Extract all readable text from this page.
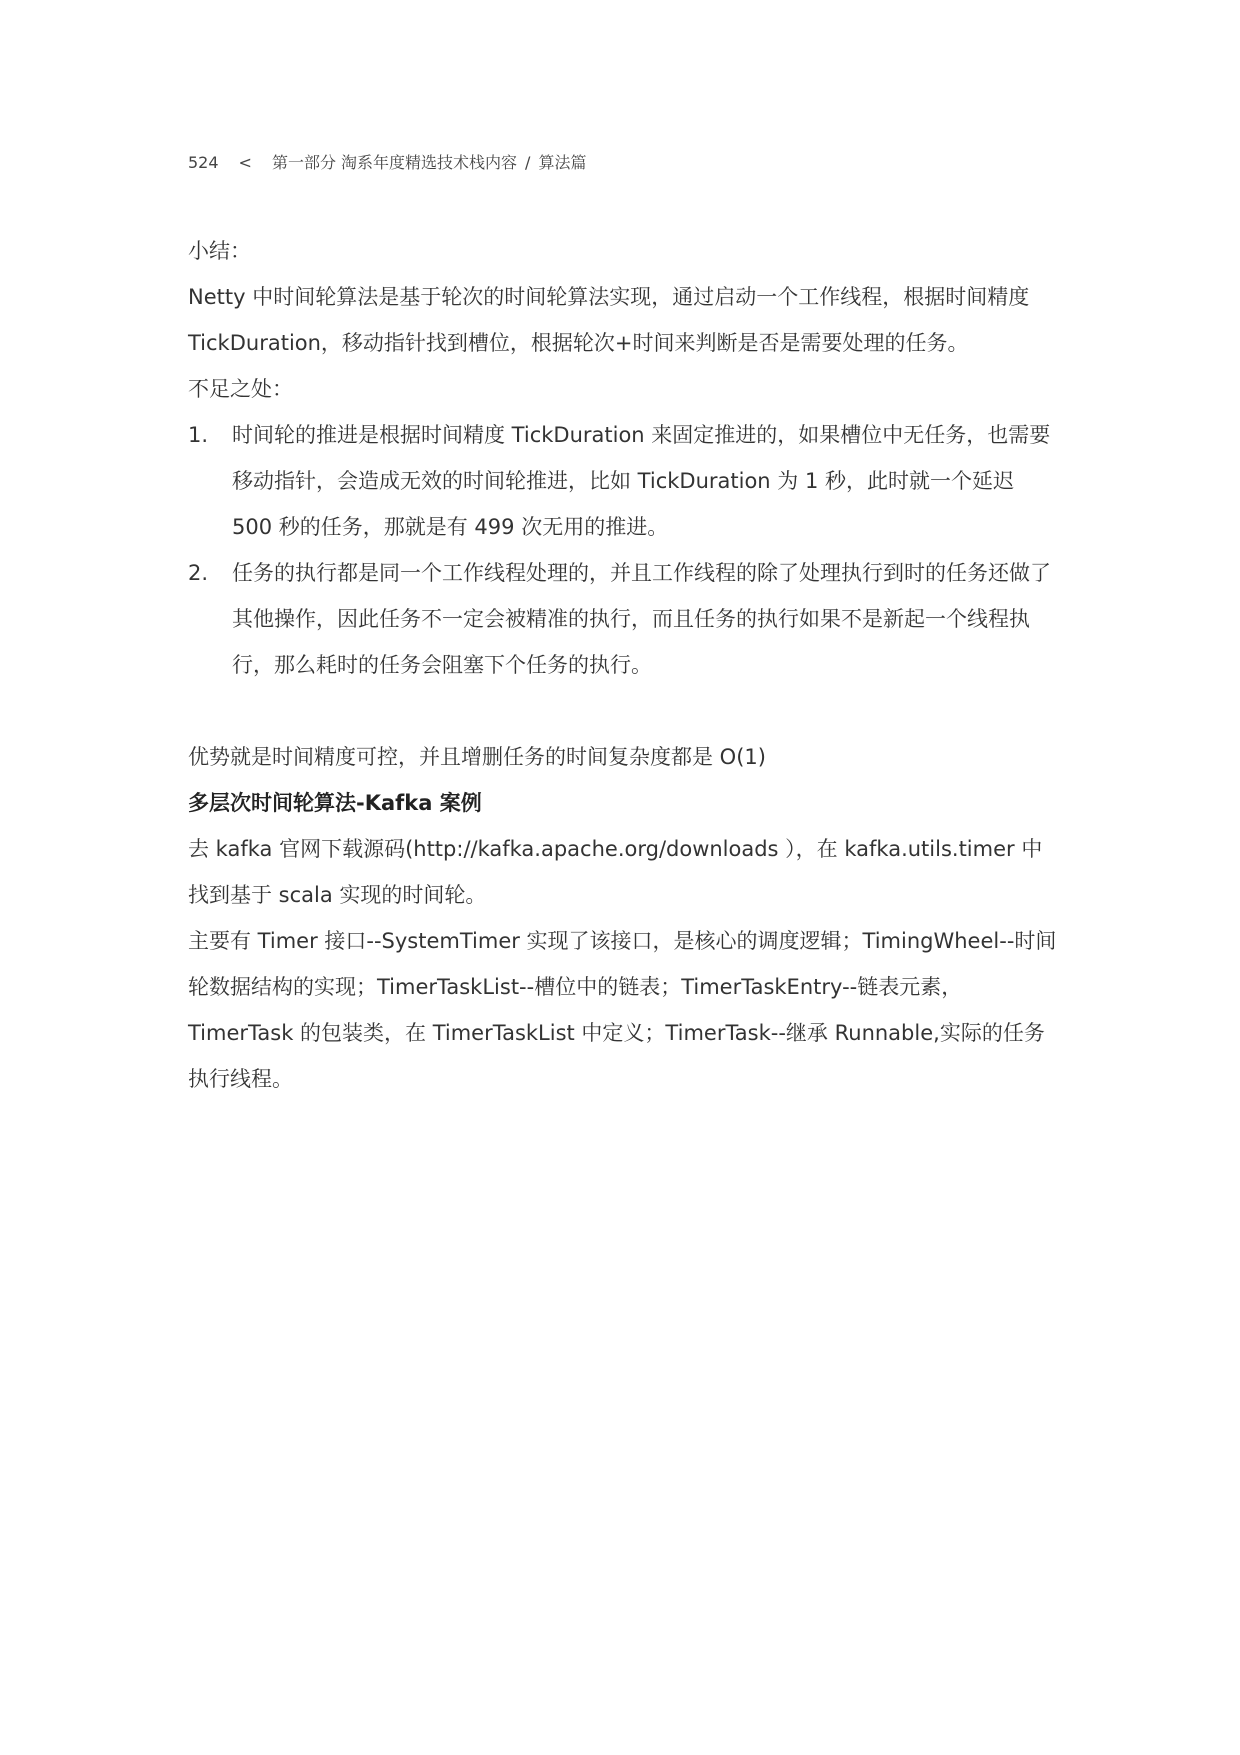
524 < 第一部分 淘系年度精选技术栈内容 / 算法篇

小结：

Netty 中时间轮算法是基于轮次的时间轮算法实现，通过启动一个工作线程，根据时间精度 TickDuration，移动指针找到槽位，根据轮次+时间来判断是否是需要处理的任务。

不足之处：

1.	时间轮的推进是根据时间精度 TickDuration 来固定推进的，如果槽位中无任务，也需要移动指针，会造成无效的时间轮推进，比如 TickDuration 为 1 秒，此时就一个延迟 500 秒的任务，那就是有 499 次无用的推进。
2.	任务的执行都是同一个工作线程处理的，并且工作线程的除了处理执行到时的任务还做了其他操作，因此任务不一定会被精准的执行，而且任务的执行如果不是新起一个线程执行，那么耗时的任务会阻塞下个任务的执行。

优势就是时间精度可控，并且增删任务的时间复杂度都是 O(1)

多层次时间轮算法-Kafka 案例

去 kafka 官网下载源码(http://kafka.apache.org/downloads ），在 kafka.utils.timer 中找到基于 scala 实现的时间轮。

主要有 Timer 接口--SystemTimer 实现了该接口，是核心的调度逻辑；TimingWheel--时间轮数据结构的实现；TimerTaskList--槽位中的链表；TimerTaskEntry--链表元素，TimerTask 的包装类，在 TimerTaskList 中定义；TimerTask--继承 Runnable,实际的任务执行线程。
